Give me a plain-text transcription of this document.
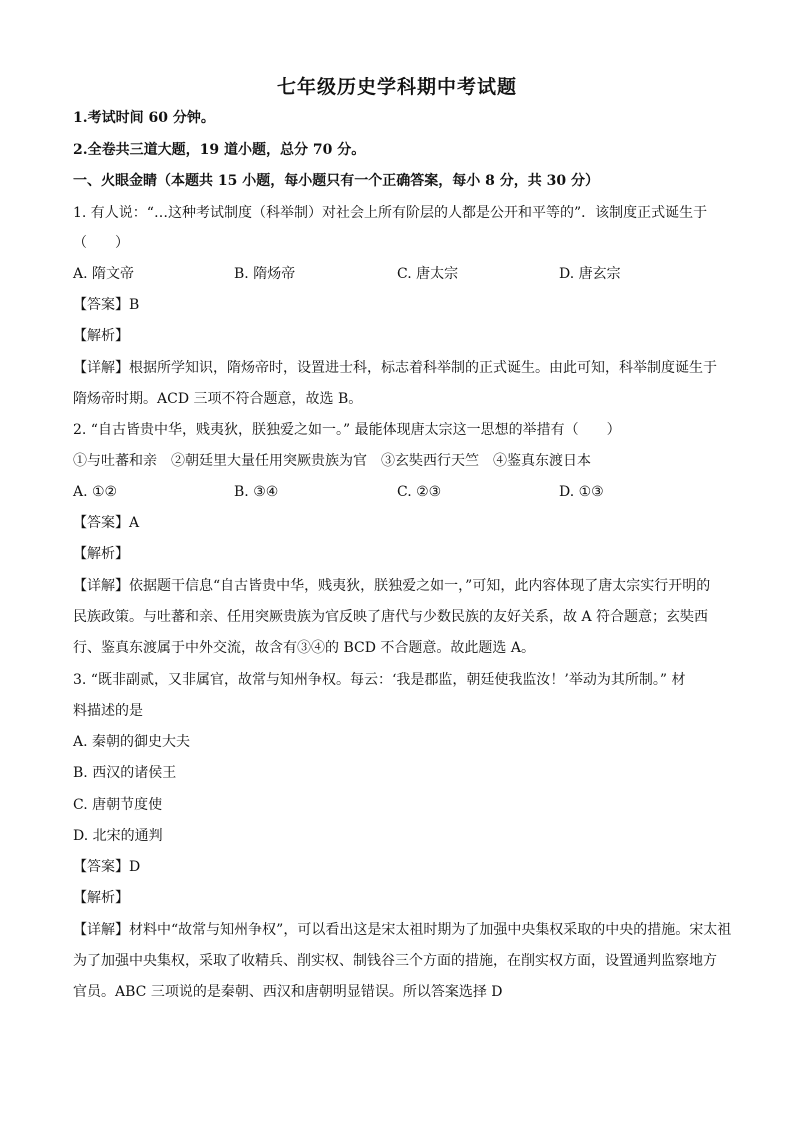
七年级历史学科期中考试题
1.考试时间 60 分钟。
2.全卷共三道大题，19 道小题，总分 70 分。
一、火眼金睛（本题共 15 小题，每小题只有一个正确答案，每小 8 分，共 30 分）
1. 有人说：“…这种考试制度（科举制）对社会上所有阶层的人都是公开和平等的”．该制度正式诞生于
（　　）
A. 隋文帝	B. 隋炀帝	C. 唐太宗	D. 唐玄宗
【答案】B
【解析】
【详解】根据所学知识，隋炀帝时，设置进士科，标志着科举制的正式诞生。由此可知，科举制度诞生于
隋炀帝时期。ACD 三项不符合题意，故选 B。
2. “自古皆贵中华，贱夷狄，朕独爱之如一。” 最能体现唐太宗这一思想的举措有（　　）
①与吐蕃和亲　②朝廷里大量任用突厥贵族为官　③玄奘西行天竺　④鉴真东渡日本
A. ①②	B. ③④	C. ②③	D. ①③
【答案】A
【解析】
【详解】依据题干信息“自古皆贵中华，贱夷狄，朕独爱之如一，”可知，此内容体现了唐太宗实行开明的
民族政策。与吐蕃和亲、任用突厥贵族为官反映了唐代与少数民族的友好关系，故 A 符合题意；玄奘西
行、鉴真东渡属于中外交流，故含有③④的 BCD 不合题意。故此题选 A。
3. “既非副贰，又非属官，故常与知州争权。每云：‘我是郡监，朝廷使我监汝！’举动为其所制。” 材
料描述的是
A. 秦朝的御史大夫
B. 西汉的诸侯王
C. 唐朝节度使
D. 北宋的通判
【答案】D
【解析】
【详解】材料中“故常与知州争权”，可以看出这是宋太祖时期为了加强中央集权采取的中央的措施。宋太祖
为了加强中央集权，采取了收精兵、削实权、制钱谷三个方面的措施，在削实权方面，设置通判监察地方
官员。ABC 三项说的是秦朝、西汉和唐朝明显错误。所以答案选择 D
